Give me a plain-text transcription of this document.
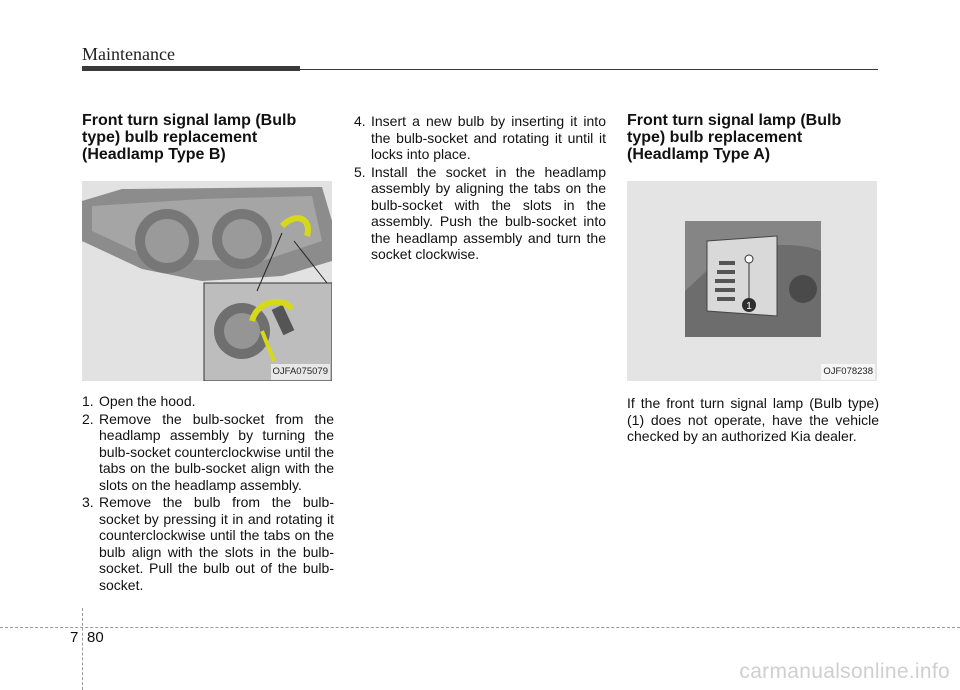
Maintenance
Front turn signal lamp (Bulb
type) bulb replacement
(Headlamp Type B)
OJFA075079
1. Open the hood.
2. Remove the bulb-socket from the headlamp assembly by turning the bulb-socket counterclockwise until the tabs on the bulb-socket align with the slots on the headlamp assembly.
3. Remove the bulb from the bulb-socket by pressing it in and rotating it counterclockwise until the tabs on the bulb align with the slots in the bulb-socket. Pull the bulb out of the bulb-socket.
4. Insert a new bulb by inserting it into the bulb-socket and rotating it until it locks into place.
5. Install the socket in the headlamp assembly by aligning the tabs on the bulb-socket with the slots in the assembly. Push the bulb-socket into the headlamp assembly and turn the socket clockwise.
Front turn signal lamp (Bulb
type) bulb replacement
(Headlamp Type A)
1
OJF078238
If the front turn signal lamp (Bulb type) (1) does not operate, have the vehicle checked by an authorized Kia dealer.
7 80
carmanualsonline.info
